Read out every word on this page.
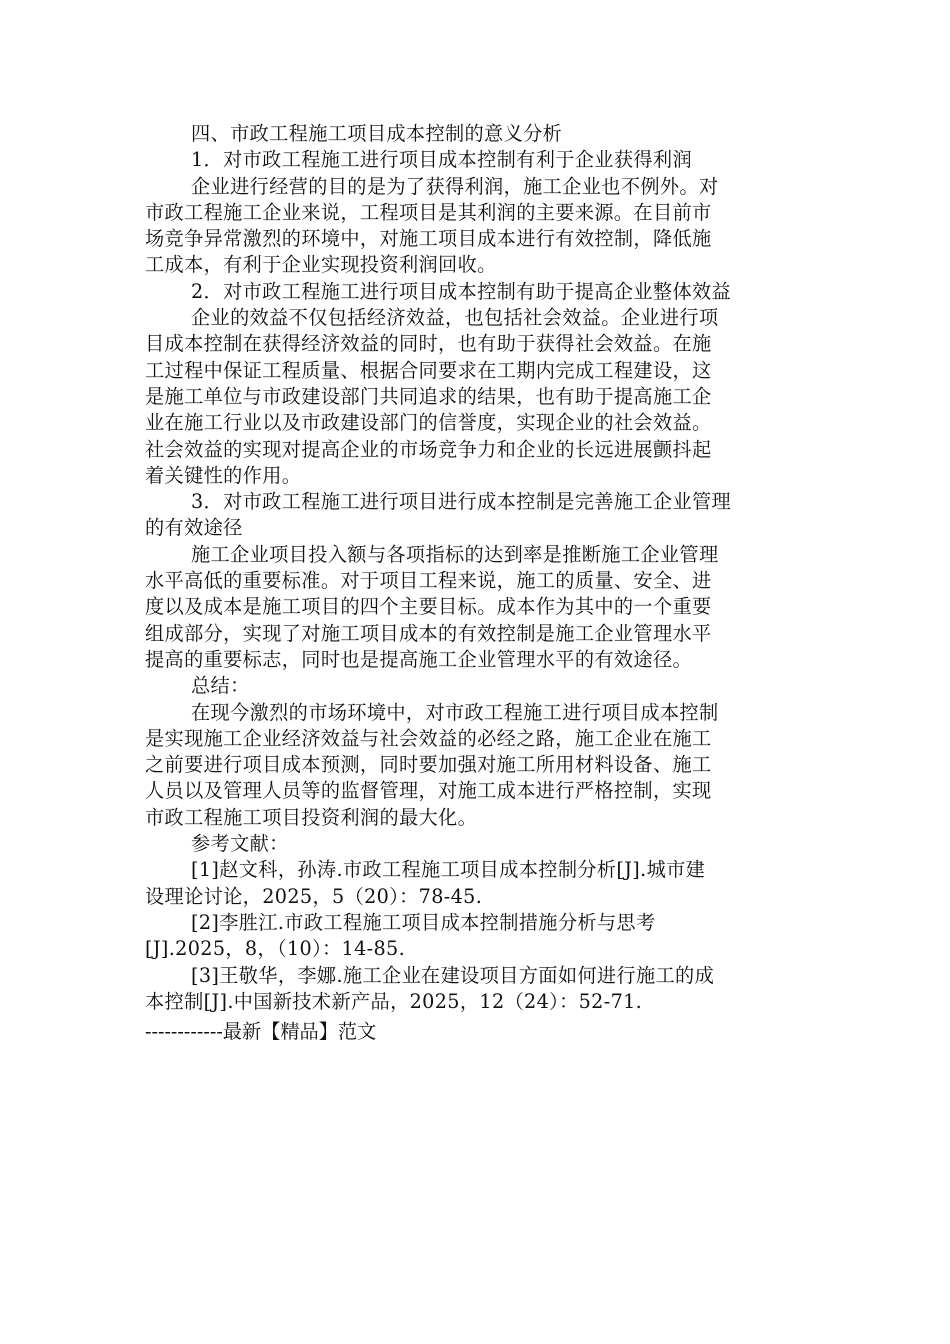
四、市政工程施工项目成本控制的意义分析
1．对市政工程施工进行项目成本控制有利于企业获得利润
企业进行经营的目的是为了获得利润，施工企业也不例外。对
市政工程施工企业来说，工程项目是其利润的主要来源。在目前市
场竞争异常激烈的环境中，对施工项目成本进行有效控制，降低施
工成本，有利于企业实现投资利润回收。
2．对市政工程施工进行项目成本控制有助于提高企业整体效益
企业的效益不仅包括经济效益，也包括社会效益。企业进行项
目成本控制在获得经济效益的同时，也有助于获得社会效益。在施
工过程中保证工程质量、根据合同要求在工期内完成工程建设，这
是施工单位与市政建设部门共同追求的结果，也有助于提高施工企
业在施工行业以及市政建设部门的信誉度，实现企业的社会效益。
社会效益的实现对提高企业的市场竞争力和企业的长远进展颤抖起
着关键性的作用。
3．对市政工程施工进行项目进行成本控制是完善施工企业管理
的有效途径
施工企业项目投入额与各项指标的达到率是推断施工企业管理
水平高低的重要标准。对于项目工程来说，施工的质量、安全、进
度以及成本是施工项目的四个主要目标。成本作为其中的一个重要
组成部分，实现了对施工项目成本的有效控制是施工企业管理水平
提高的重要标志，同时也是提高施工企业管理水平的有效途径。
总结：
在现今激烈的市场环境中，对市政工程施工进行项目成本控制
是实现施工企业经济效益与社会效益的必经之路，施工企业在施工
之前要进行项目成本预测，同时要加强对施工所用材料设备、施工
人员以及管理人员等的监督管理，对施工成本进行严格控制，实现
市政工程施工项目投资利润的最大化。
参考文献：
[1]赵文科，孙涛.市政工程施工项目成本控制分析[J].城市建
设理论讨论，2025，5（20）：78-45.
[2]李胜江.市政工程施工项目成本控制措施分析与思考
[J].2025，8，（10）：14-85.
[3]王敬华，李娜.施工企业在建设项目方面如何进行施工的成
本控制[J].中国新技术新产品，2025，12（24）：52-71.
------------最新【精品】范文
